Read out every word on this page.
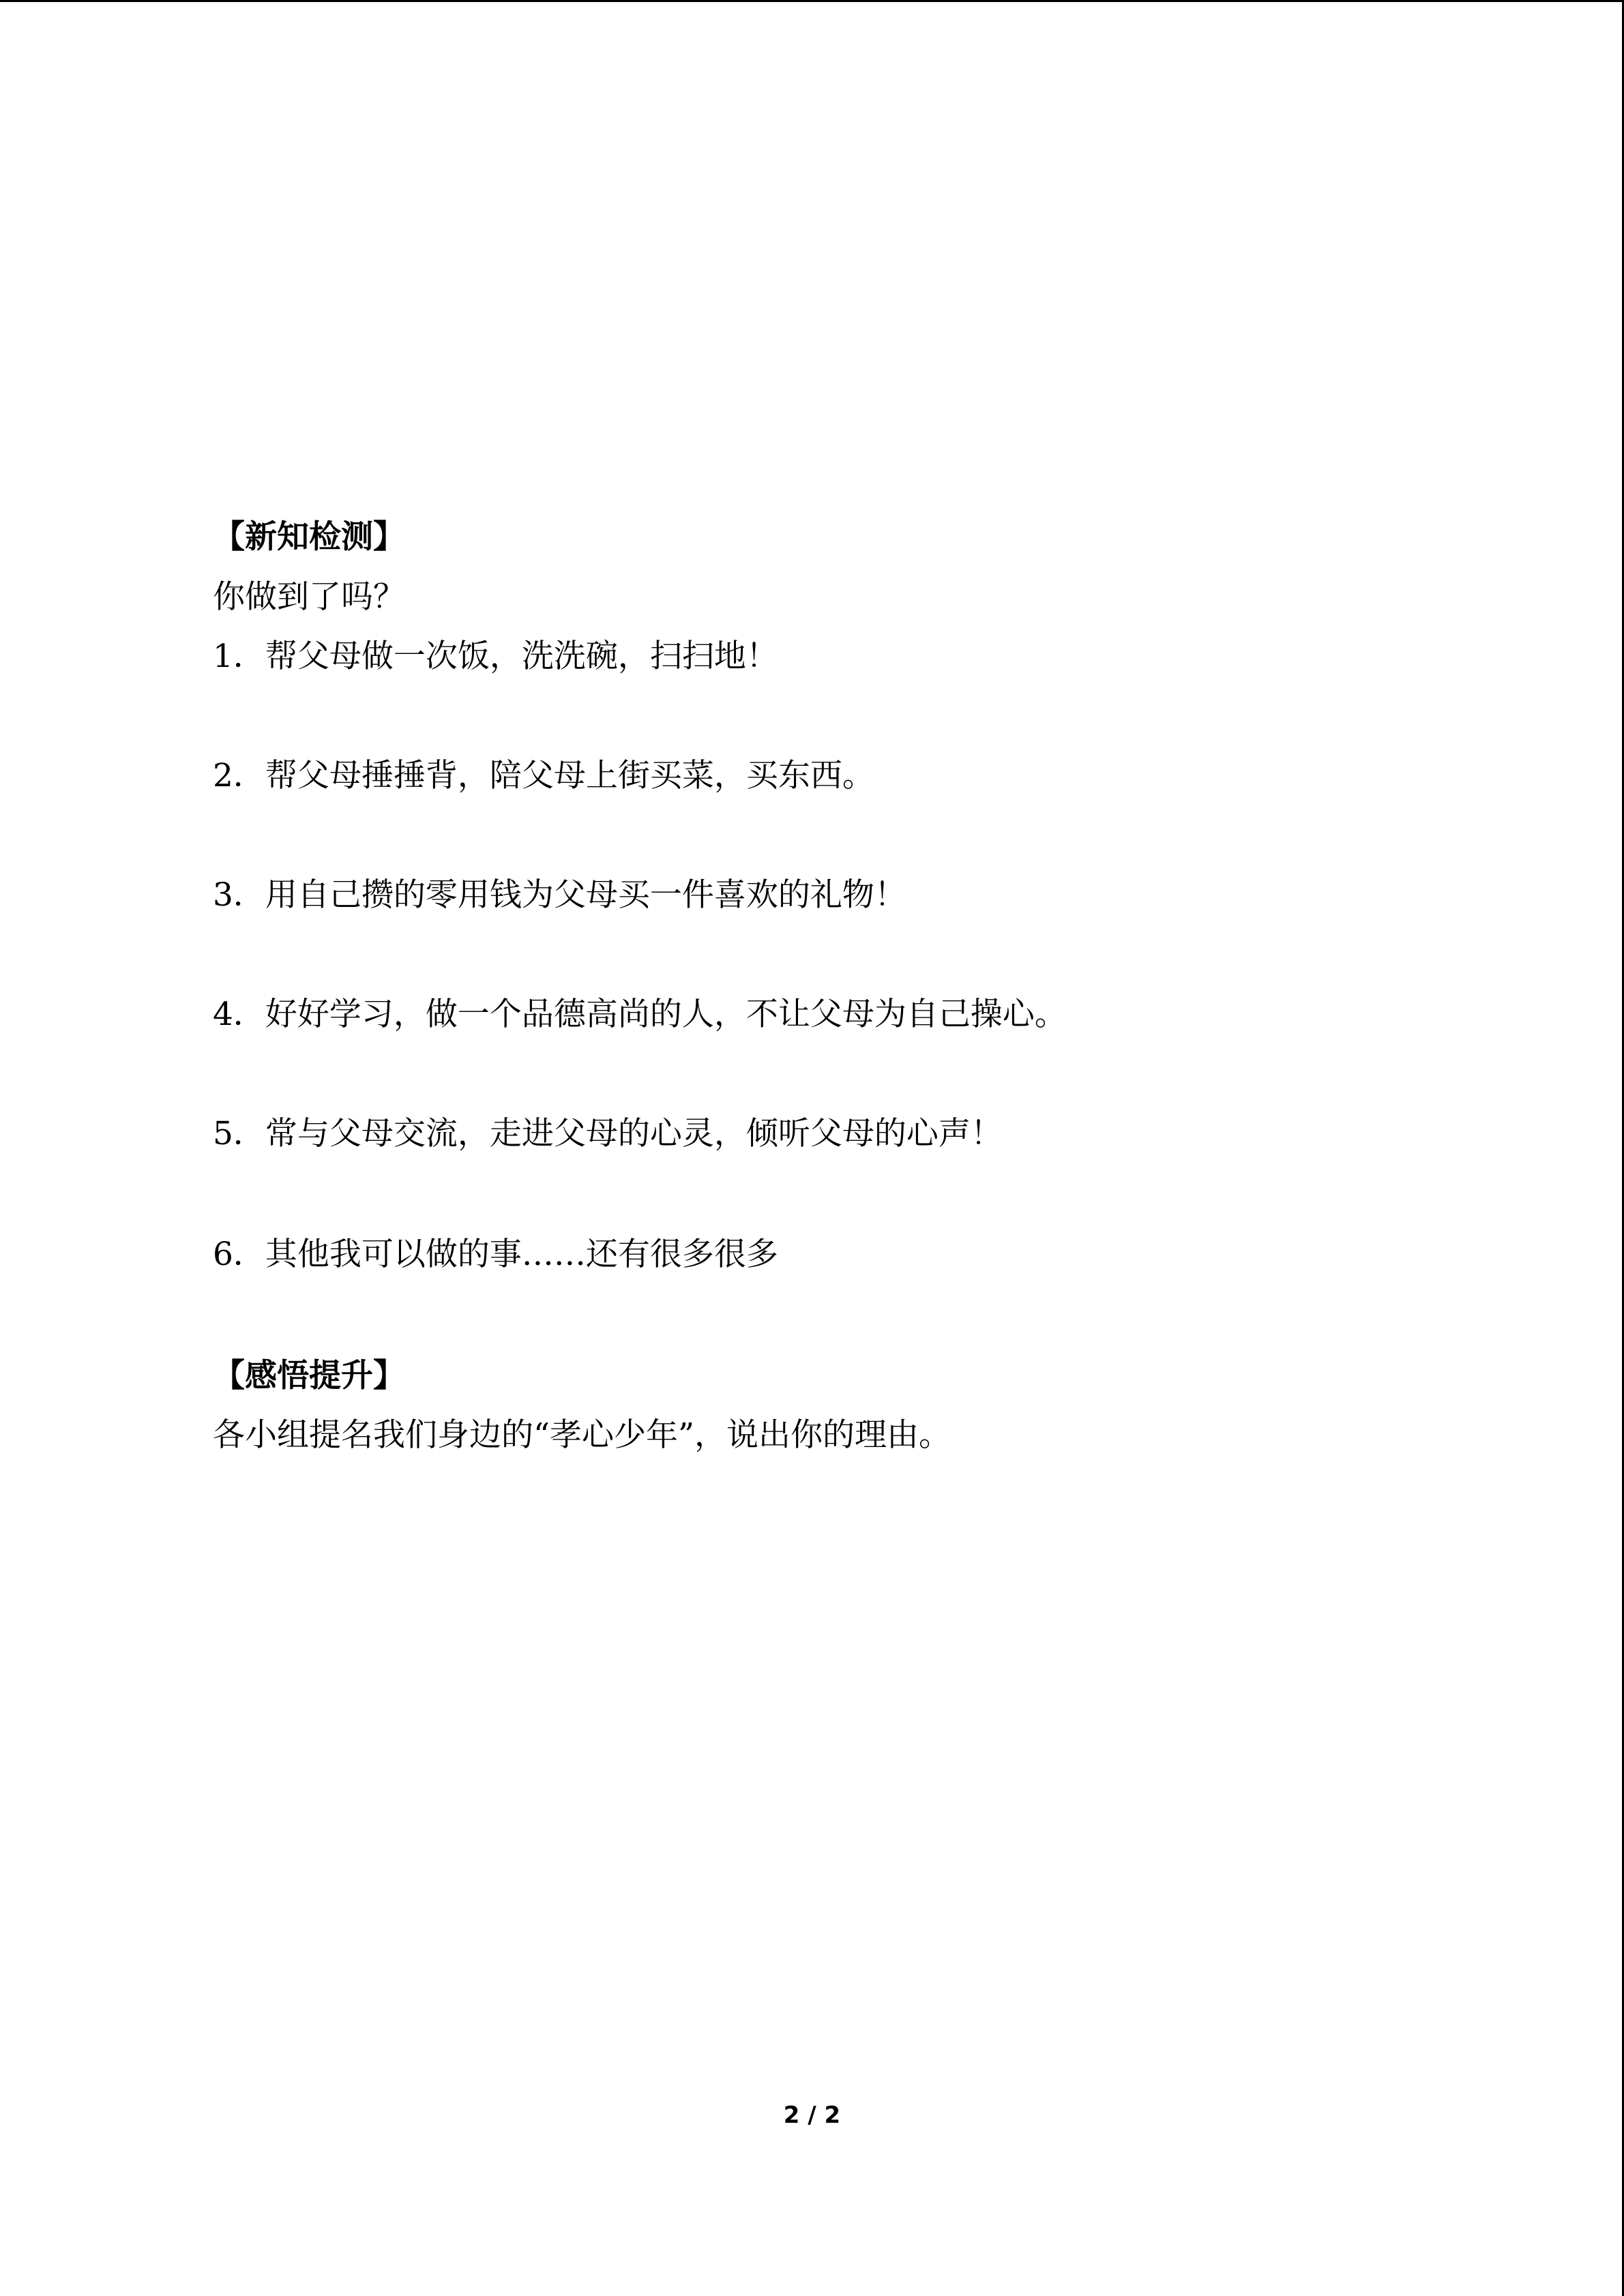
【新知检测】

你做到了吗？

1．帮父母做一次饭，洗洗碗，扫扫地！

2．帮父母捶捶背，陪父母上街买菜，买东西。

3．用自己攒的零用钱为父母买一件喜欢的礼物！

4．好好学习，做一个品德高尚的人，不让父母为自己操心。

5．常与父母交流，走进父母的心灵，倾听父母的心声！

6．其他我可以做的事……还有很多很多

【感悟提升】

各小组提名我们身边的“孝心少年”，说出你的理由。

2 / 2
